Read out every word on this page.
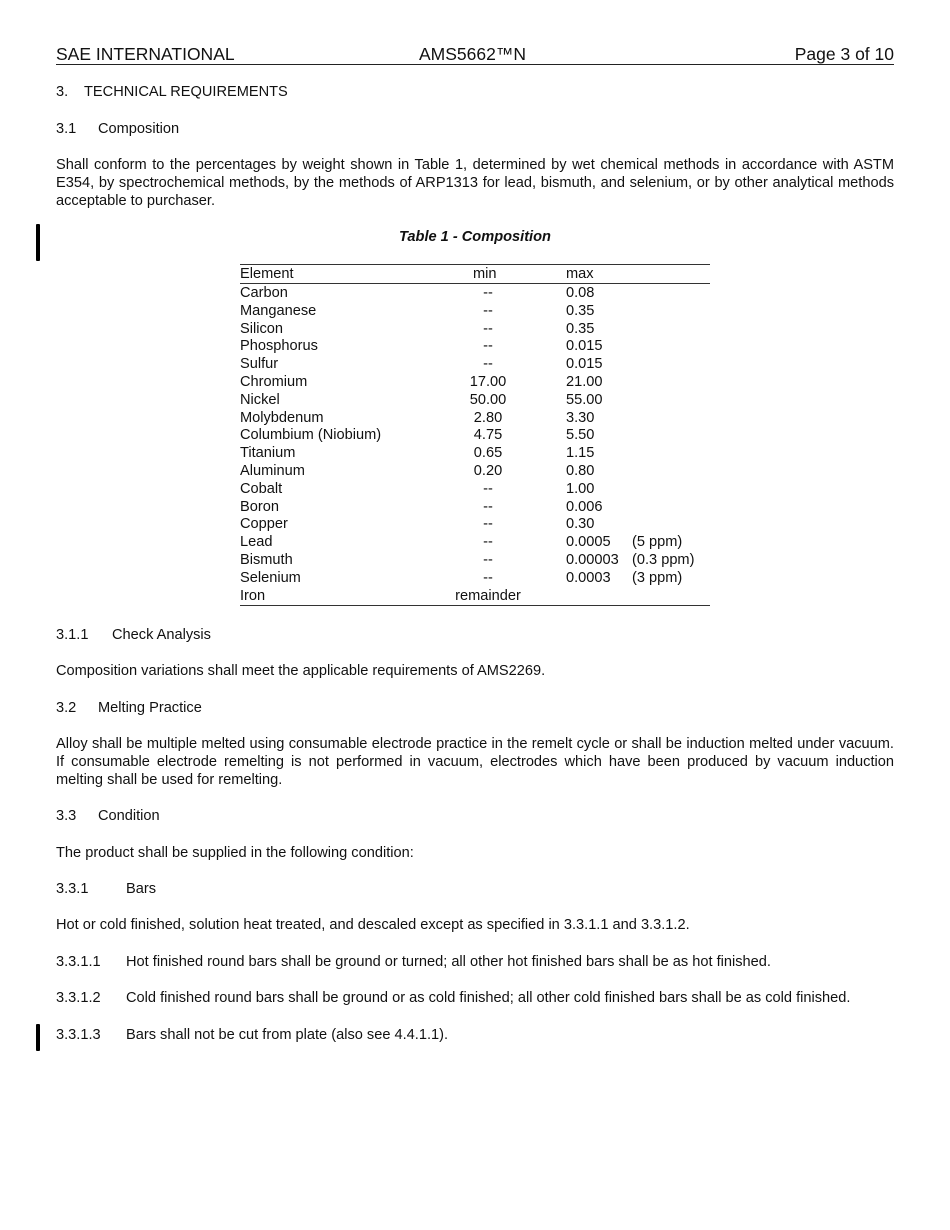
SAE INTERNATIONAL	AMS5662™N	Page 3 of 10
3. TECHNICAL REQUIREMENTS
3.1 Composition
Shall conform to the percentages by weight shown in Table 1, determined by wet chemical methods in accordance with ASTM E354, by spectrochemical methods, by the methods of ARP1313 for lead, bismuth, and selenium, or by other analytical methods acceptable to purchaser.
Table 1 - Composition
Element	min	max
Carbon	--	0.08
Manganese	--	0.35
Silicon	--	0.35
Phosphorus	--	0.015
Sulfur	--	0.015
Chromium	17.00	21.00
Nickel	50.00	55.00
Molybdenum	2.80	3.30
Columbium (Niobium)	4.75	5.50
Titanium	0.65	1.15
Aluminum	0.20	0.80
Cobalt	--	1.00
Boron	--	0.006
Copper	--	0.30
Lead	--	0.0005 (5 ppm)
Bismuth	--	0.00003 (0.3 ppm)
Selenium	--	0.0003 (3 ppm)
Iron	remainder
3.1.1 Check Analysis
Composition variations shall meet the applicable requirements of AMS2269.
3.2 Melting Practice
Alloy shall be multiple melted using consumable electrode practice in the remelt cycle or shall be induction melted under vacuum. If consumable electrode remelting is not performed in vacuum, electrodes which have been produced by vacuum induction melting shall be used for remelting.
3.3 Condition
The product shall be supplied in the following condition:
3.3.1	Bars
Hot or cold finished, solution heat treated, and descaled except as specified in 3.3.1.1 and 3.3.1.2.
3.3.1.1 Hot finished round bars shall be ground or turned; all other hot finished bars shall be as hot finished.
3.3.1.2 Cold finished round bars shall be ground or as cold finished; all other cold finished bars shall be as cold finished.
3.3.1.3 Bars shall not be cut from plate (also see 4.4.1.1).
